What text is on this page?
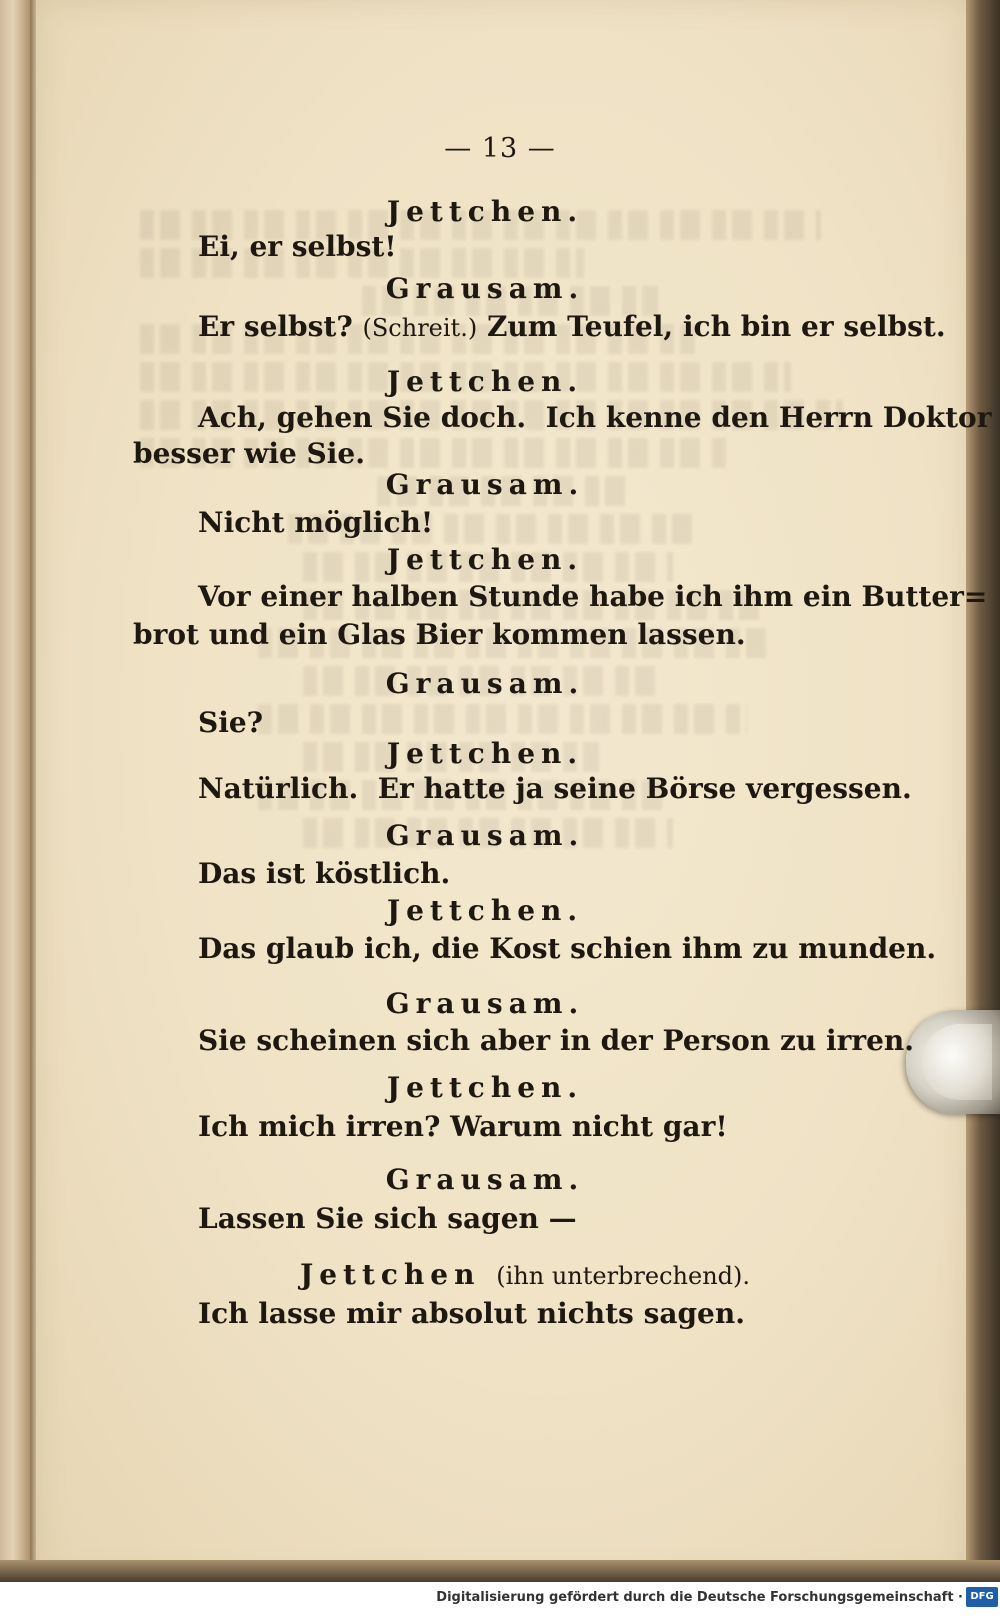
— 13 —
Jettchen.
Ei, er selbst!
Grausam.
Er selbst? (Schreit.) Zum Teufel, ich bin er selbst.
Jettchen.
Ach, gehen Sie doch.  Ich kenne den Herrn Doktor
besser wie Sie.
Grausam.
Nicht möglich!
Jettchen.
Vor einer halben Stunde habe ich ihm ein Butter=
brot und ein Glas Bier kommen lassen.
Grausam.
Sie?
Jettchen.
Natürlich.  Er hatte ja seine Börse vergessen.
Grausam.
Das ist köstlich.
Jettchen.
Das glaub ich, die Kost schien ihm zu munden.
Grausam.
Sie scheinen sich aber in der Person zu irren.
Jettchen.
Ich mich irren? Warum nicht gar!
Grausam.
Lassen Sie sich sagen —
Jettchen (ihn unterbrechend).
Ich lasse mir absolut nichts sagen.
Digitalisierung gefördert durch die Deutsche Forschungsgemeinschaft · DFG
